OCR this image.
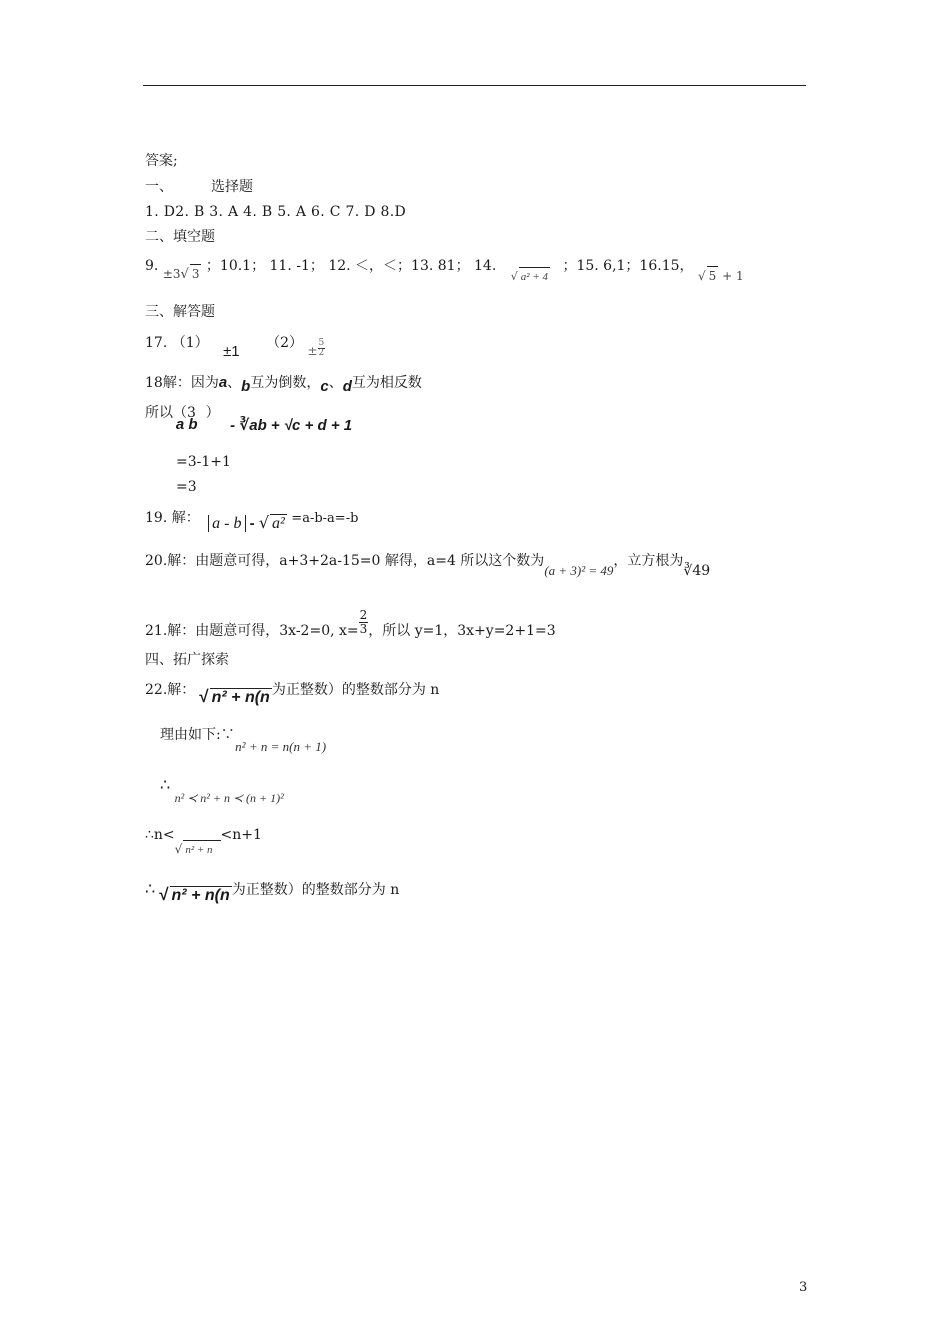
答案;
一、	选择题
1. D2. B 3. A 4. B 5. A 6. C 7. D 8.D
二、填空题
9. ±3√ 3 ；10.1； 11. -1； 12. ＜，＜；13. 81； 14. $_{√ a^2 + 4}$ ；15. 6,1；16.15， √ 5 + 1
三、解答题
17. （1） ±1 $(2) \pm \frac{5}{2}$
18解：因为a、b互为倒数，c、d互为相反数
所以（3a b） - ∛ab + √c + d + 1
=3-1+1
=3
19. 解： a - b - √ a² =a-b-a=-b
20.解：由题意可得，a+3+2a-15=0 解得，a=4 所以这个数为(a + 3)² = 49，立方根为∛49
21.解：由题意可得，3x-2=0, $x= \frac{2}{3}$ ，所以 y=1，3x+y=2+1=3
四、拓广探索
22.解： √ n² + n(n 为正整数）的整数部分为 n
理由如下:∵ n² + n = n(n + 1)
∴ n² ≺ n² + n ≺ (n + 1)²
∴n<√ n² + n<n+1
∴ √ n² + n(n 为正整数）的整数部分为 n
3
